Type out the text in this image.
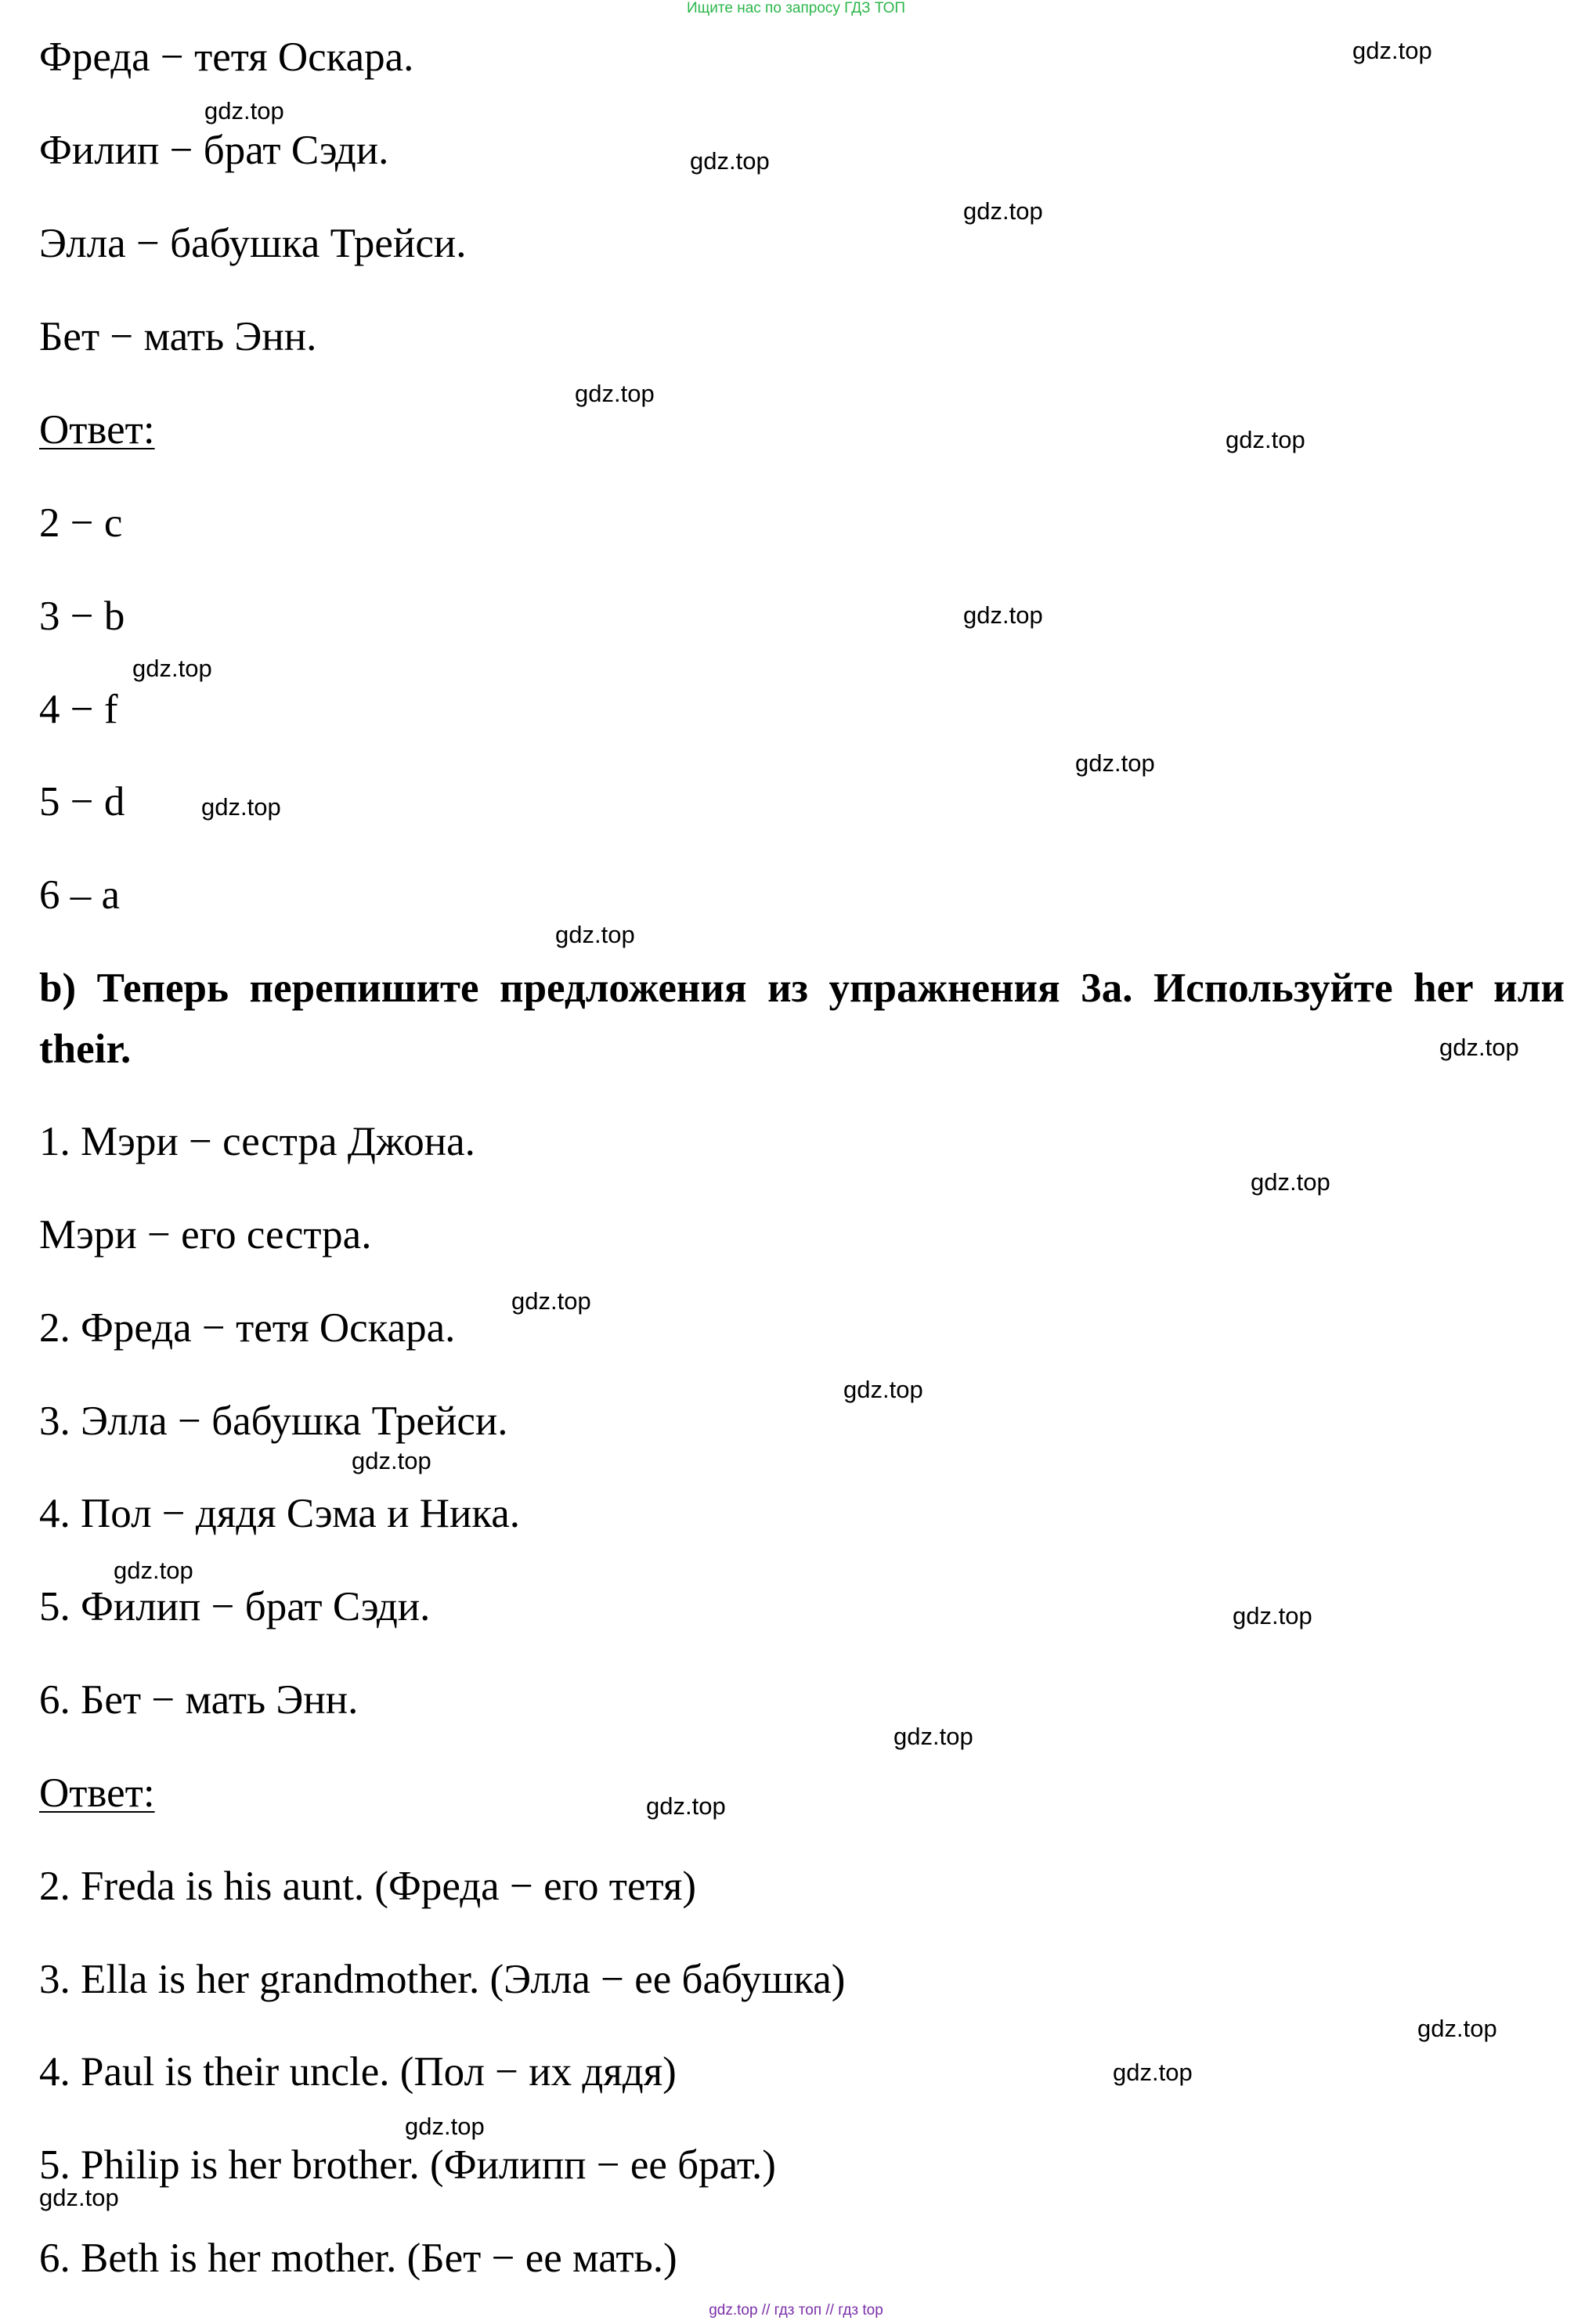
Ищите нас по запросу ГДЗ ТОП

Фреда − тетя Оскара.

Филип − брат Сэди.

Элла − бабушка Трейси.

Бет − мать Энн.

Ответ:

2 − c

3 − b

4 − f

5 − d

6 – a

b) Теперь перепишите предложения из упражнения 3a. Используйте her или their.

1. Мэри − сестра Джона.

Мэри − его сестра.

2. Фреда − тетя Оскара.

3. Элла − бабушка Трейси.

4. Пол − дядя Сэма и Ника.

5. Филип − брат Сэди.

6. Бет − мать Энн.

Ответ:

2. Freda is his aunt. (Фреда − его тетя)

3. Ella is her grandmother. (Элла − ее бабушка)

4. Paul is their uncle. (Пол − их дядя)

5. Philip is her brother. (Филипп − ее брат.)

6. Beth is her mother. (Бет − ее мать.)

gdz.top
gdz.top
gdz.top
gdz.top
gdz.top
gdz.top
gdz.top
gdz.top
gdz.top
gdz.top
gdz.top
gdz.top
gdz.top
gdz.top
gdz.top
gdz.top
gdz.top
gdz.top
gdz.top
gdz.top
gdz.top
gdz.top
gdz.top
gdz.top
gdz.top // гдз топ // гдз top
